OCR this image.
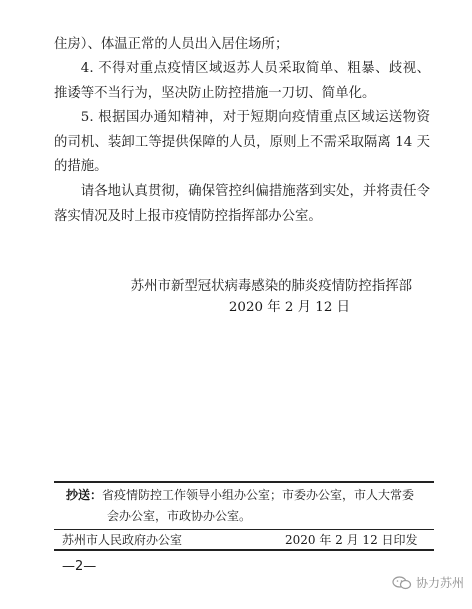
住房）、体温正常的人员出入居住场所；

4. 不得对重点疫情区域返苏人员采取简单、粗暴、歧视、推诿等不当行为，坚决防止防控措施一刀切、简单化。

5. 根据国办通知精神，对于短期向疫情重点区域运送物资的司机、装卸工等提供保障的人员，原则上不需采取隔离 14 天的措施。

请各地认真贯彻，确保管控纠偏措施落到实处，并将责任令落实情况及时上报市疫情防控指挥部办公室。

苏州市新型冠状病毒感染的肺炎疫情防控指挥部
2020 年 2 月 12 日
抄送：省疫情防控工作领导小组办公室；市委办公室，市人大常委
会办公室，市政协办公室。
苏州市人民政府办公室	2020 年 2 月 12 日印发
—2—
协力苏州
